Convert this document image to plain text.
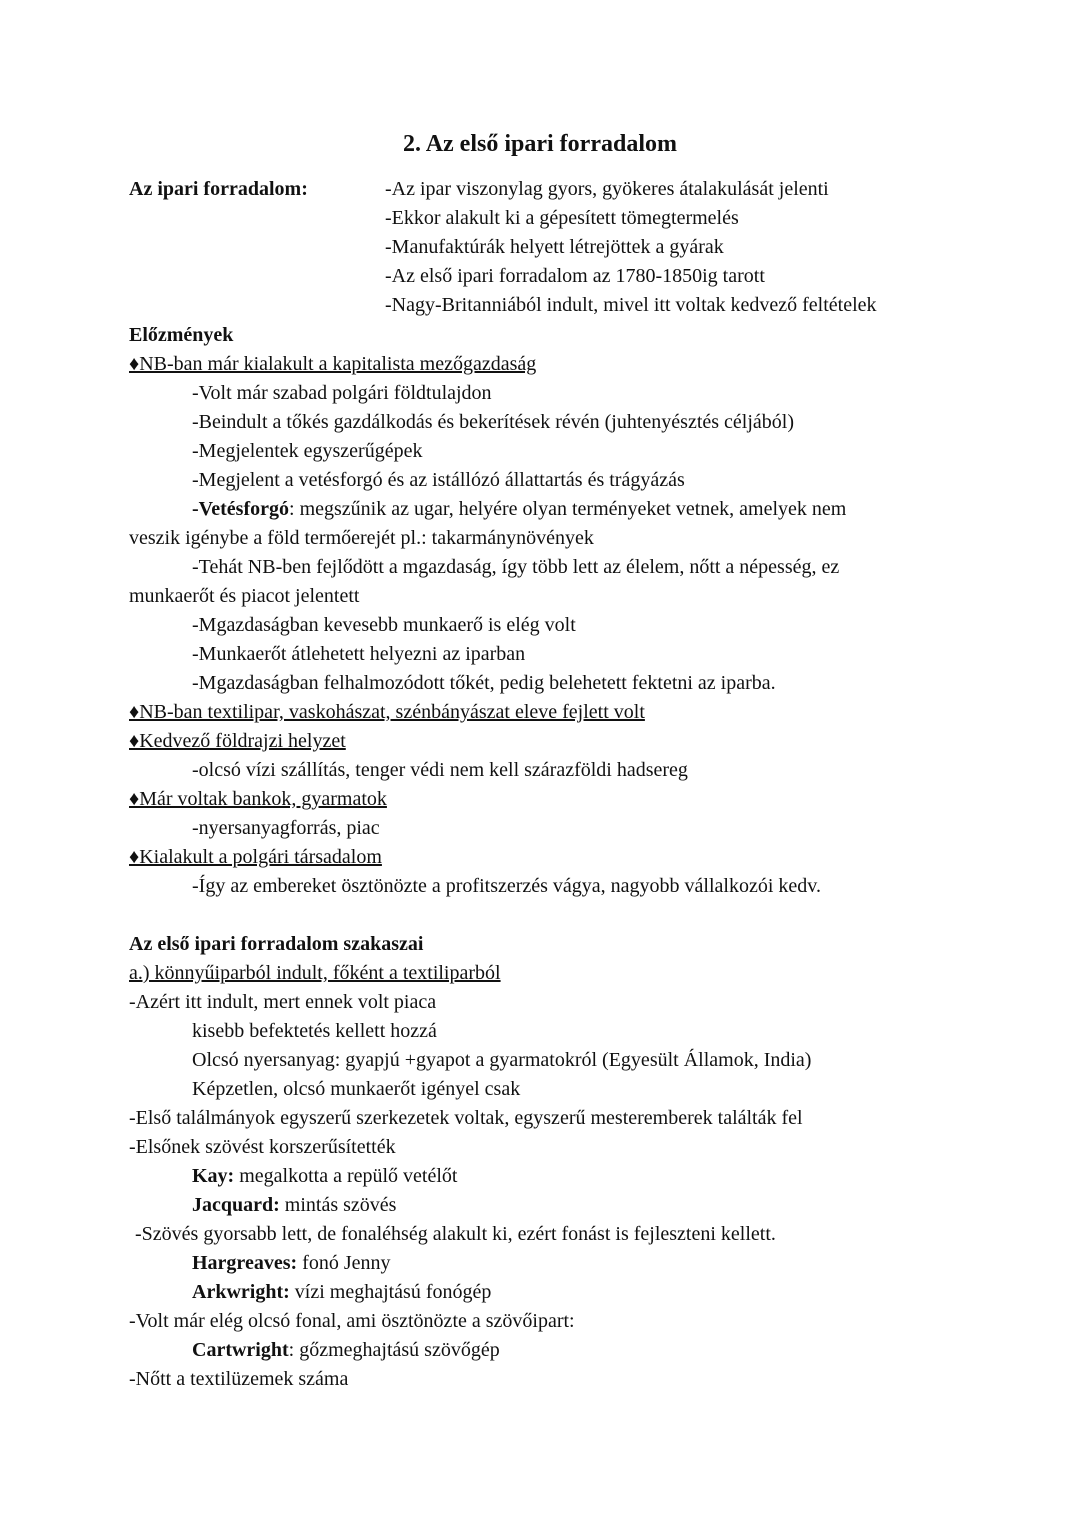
2. Az első ipari forradalom
Az ipari forradalom:	-Az ipar viszonylag gyors, gyökeres átalakulását jelenti
-Ekkor alakult ki a gépesített tömegtermelés
-Manufaktúrák helyett létrejöttek a gyárak
-Az első ipari forradalom az 1780-1850ig tarott
-Nagy-Britanniából indult, mivel itt voltak kedvező feltételek
Előzmények
♦NB-ban már kialakult a kapitalista mezőgazdaság
-Volt már szabad polgári földtulajdon
-Beindult a tőkés gazdálkodás és bekerítések révén (juhtenyésztés céljából)
-Megjelentek egyszerűgépek
-Megjelent a vetésforgó és az istállózó állattartás és trágyázás
-Vetésforgó: megszűnik az ugar, helyére olyan terményeket vetnek, amelyek nem
veszik igénybe a föld termőerejét pl.: takarmánynövények
-Tehát NB-ben fejlődött a mgazdaság, így több lett az élelem, nőtt a népesség, ez
munkaerőt és piacot jelentett
-Mgazdaságban kevesebb munkaerő is elég volt
-Munkaerőt átlehetett helyezni az iparban
-Mgazdaságban felhalmozódott tőkét, pedig belehetett fektetni az iparba.
♦NB-ban textilipar, vaskohászat, szénbányászat eleve fejlett volt
♦Kedvező földrajzi helyzet
-olcsó vízi szállítás, tenger védi nem kell szárazföldi hadsereg
♦Már voltak bankok, gyarmatok
-nyersanyagforrás, piac
♦Kialakult a polgári társadalom
-Így az embereket ösztönözte a profitszerzés vágya, nagyobb vállalkozói kedv.
Az első ipari forradalom szakaszai
a.) könnyűiparból indult, főként a textiliparból
-Azért itt indult, mert ennek volt piaca
kisebb befektetés kellett hozzá
Olcsó nyersanyag: gyapjú +gyapot a gyarmatokról (Egyesült Államok, India)
Képzetlen, olcsó munkaerőt igényel csak
-Első találmányok egyszerű szerkezetek voltak, egyszerű mesteremberek találták fel
-Elsőnek szövést korszerűsítették
Kay: megalkotta a repülő vetélőt
Jacquard: mintás szövés
-Szövés gyorsabb lett, de fonaléhség alakult ki, ezért fonást is fejleszteni kellett.
Hargreaves: fonó Jenny
Arkwright: vízi meghajtású fonógép
-Volt már elég olcsó fonal, ami ösztönözte a szövőipart:
Cartwright: gőzmeghajtású szövőgép
-Nőtt a textilüzemek száma
